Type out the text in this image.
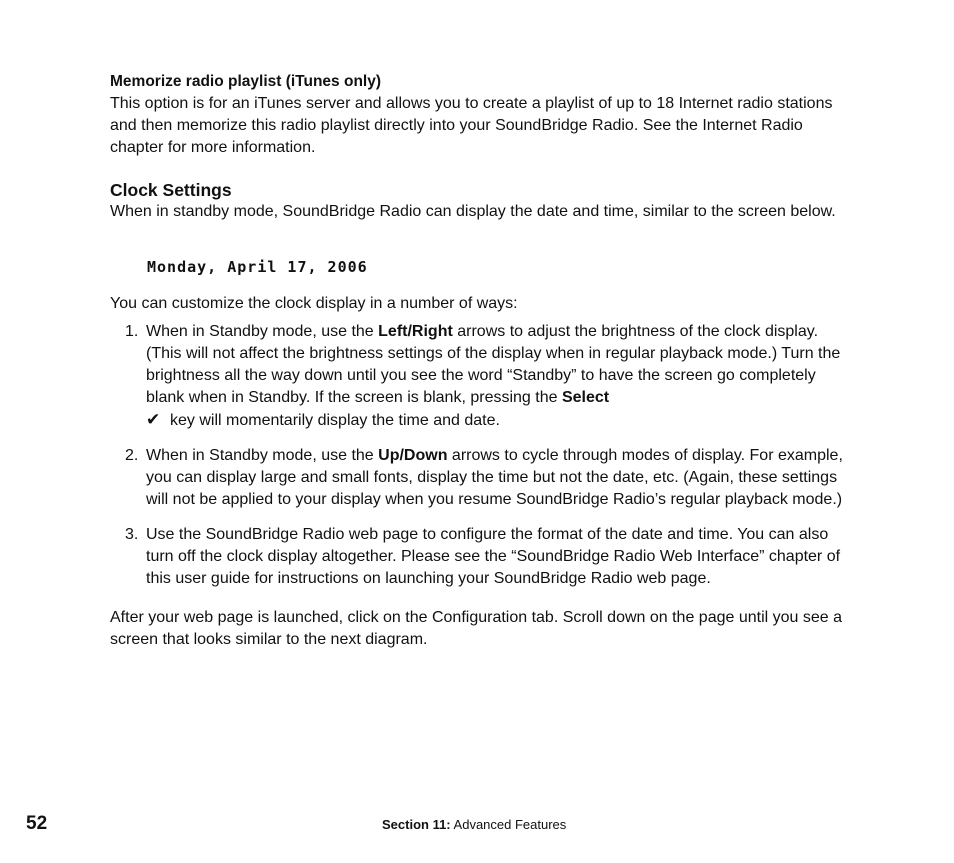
Memorize radio playlist (iTunes only)

This option is for an iTunes server and allows you to create a playlist of up to 18 Internet radio stations and then memorize this radio playlist directly into your SoundBridge Radio. See the Internet Radio chapter for more information.

Clock Settings

When in standby mode, SoundBridge Radio can display the date and time, similar to the screen below.

Monday, April 17, 2006

You can customize the clock display in a number of ways:

1. When in Standby mode, use the Left/Right arrows to adjust the brightness of the clock display. (This will not affect the brightness settings of the display when in regular playback mode.) Turn the brightness all the way down until you see the word “Standby” to have the screen go completely blank when in Standby. If the screen is blank, pressing the Select
✔ key will momentarily display the time and date.
2. When in Standby mode, use the Up/Down arrows to cycle through modes of display. For example, you can display large and small fonts, display the time but not the date, etc. (Again, these settings will not be applied to your display when you resume SoundBridge Radio’s regular playback mode.)
3. Use the SoundBridge Radio web page to configure the format of the date and time. You can also turn off the clock display altogether. Please see the “SoundBridge Radio Web Interface” chapter of this user guide for instructions on launching your SoundBridge Radio web page.

After your web page is launched, click on the Configuration tab. Scroll down on the page until you see a screen that looks similar to the next diagram.

52	Section 11: Advanced Features
